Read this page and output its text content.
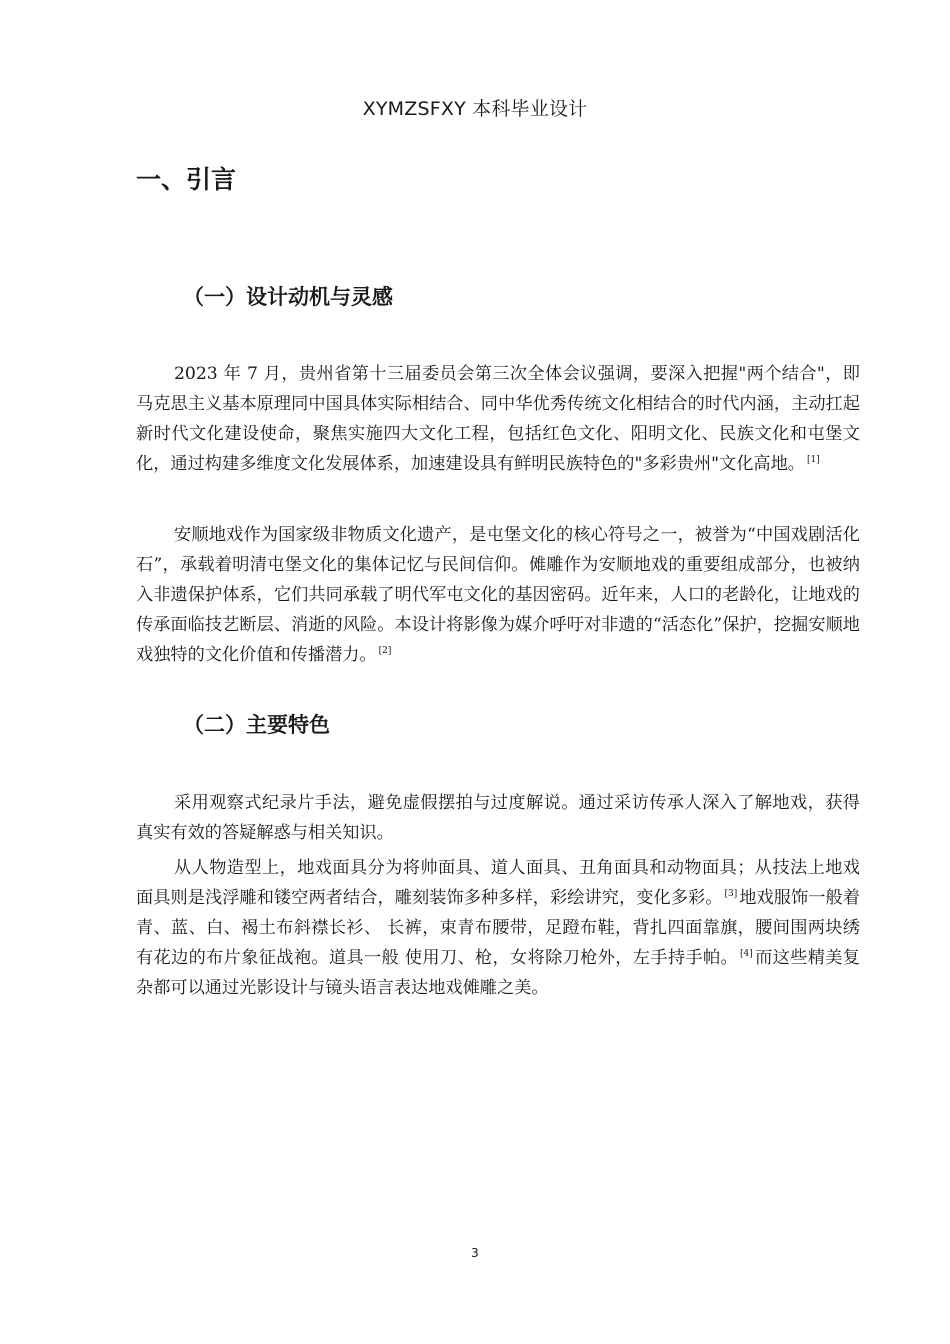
XYMZSFXY 本科毕业设计
一、引言
（一）设计动机与灵感

2023 年 7 月，贵州省第十三届委员会第三次全体会议强调，要深入把握"两个结合"，即马克思主义基本原理同中国具体实际相结合、同中华优秀传统文化相结合的时代内涵，主动扛起新时代文化建设使命，聚焦实施四大文化工程，包括红色文化、阳明文化、民族文化和屯堡文化，通过构建多维度文化发展体系，加速建设具有鲜明民族特色的"多彩贵州"文化高地。 [1]

安顺地戏作为国家级非物质文化遗产，是屯堡文化的核心符号之一，被誉为“中国戏剧活化石”，承载着明清屯堡文化的集体记忆与民间信仰。傩雕作为安顺地戏的重要组成部分，也被纳入非遗保护体系，它们共同承载了明代军屯文化的基因密码。近年来，人口的老龄化，让地戏的传承面临技艺断层、消逝的风险。本设计将影像为媒介呼吁对非遗的“活态化”保护，挖掘安顺地戏独特的文化价值和传播潜力。 [2]

（二）主要特色

采用观察式纪录片手法，避免虚假摆拍与过度解说。通过采访传承人深入了解地戏，获得真实有效的答疑解惑与相关知识。

从人物造型上，地戏面具分为将帅面具、道人面具、丑角面具和动物面具；从技法上地戏面具则是浅浮雕和镂空两者结合，雕刻装饰多种多样，彩绘讲究，变化多彩。 [3] 地戏服饰一般着青、蓝、白、褐土布斜襟长衫、 长裤，束青布腰带，足蹬布鞋，背扎四面靠旗，腰间围两块绣有花边的布片象征战袍。道具一般 使用刀、枪，女将除刀枪外，左手持手帕。 [4] 而这些精美复杂都可以通过光影设计与镜头语言表达地戏傩雕之美。

3
